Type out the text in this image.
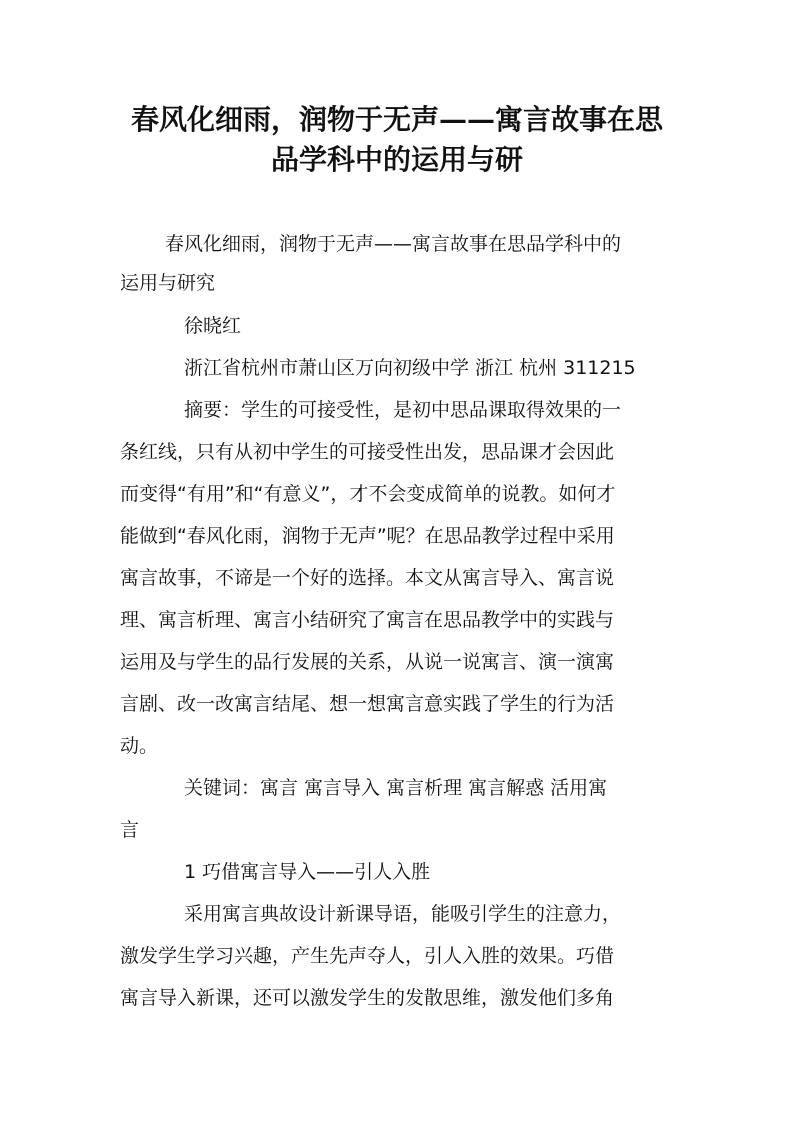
春风化细雨，润物于无声——寓言故事在思
品学科中的运用与研

春风化细雨，润物于无声——寓言故事在思品学科中的

运用与研究

徐晓红

浙江省杭州市萧山区万向初级中学 浙江 杭州 311215

摘要：学生的可接受性，是初中思品课取得效果的一

条红线，只有从初中学生的可接受性出发，思品课才会因此

而变得“有用”和“有意义”，才不会变成简单的说教。如何才

能做到“春风化雨，润物于无声”呢？在思品教学过程中采用

寓言故事，不谛是一个好的选择。本文从寓言导入、寓言说

理、寓言析理、寓言小结研究了寓言在思品教学中的实践与

运用及与学生的品行发展的关系，从说一说寓言、演一演寓

言剧、改一改寓言结尾、想一想寓言意实践了学生的行为活

动。

关键词：寓言 寓言导入 寓言析理 寓言解惑 活用寓

言

1 巧借寓言导入——引人入胜

采用寓言典故设计新课导语，能吸引学生的注意力，

激发学生学习兴趣，产生先声夺人，引人入胜的效果。巧借

寓言导入新课，还可以激发学生的发散思维，激发他们多角
